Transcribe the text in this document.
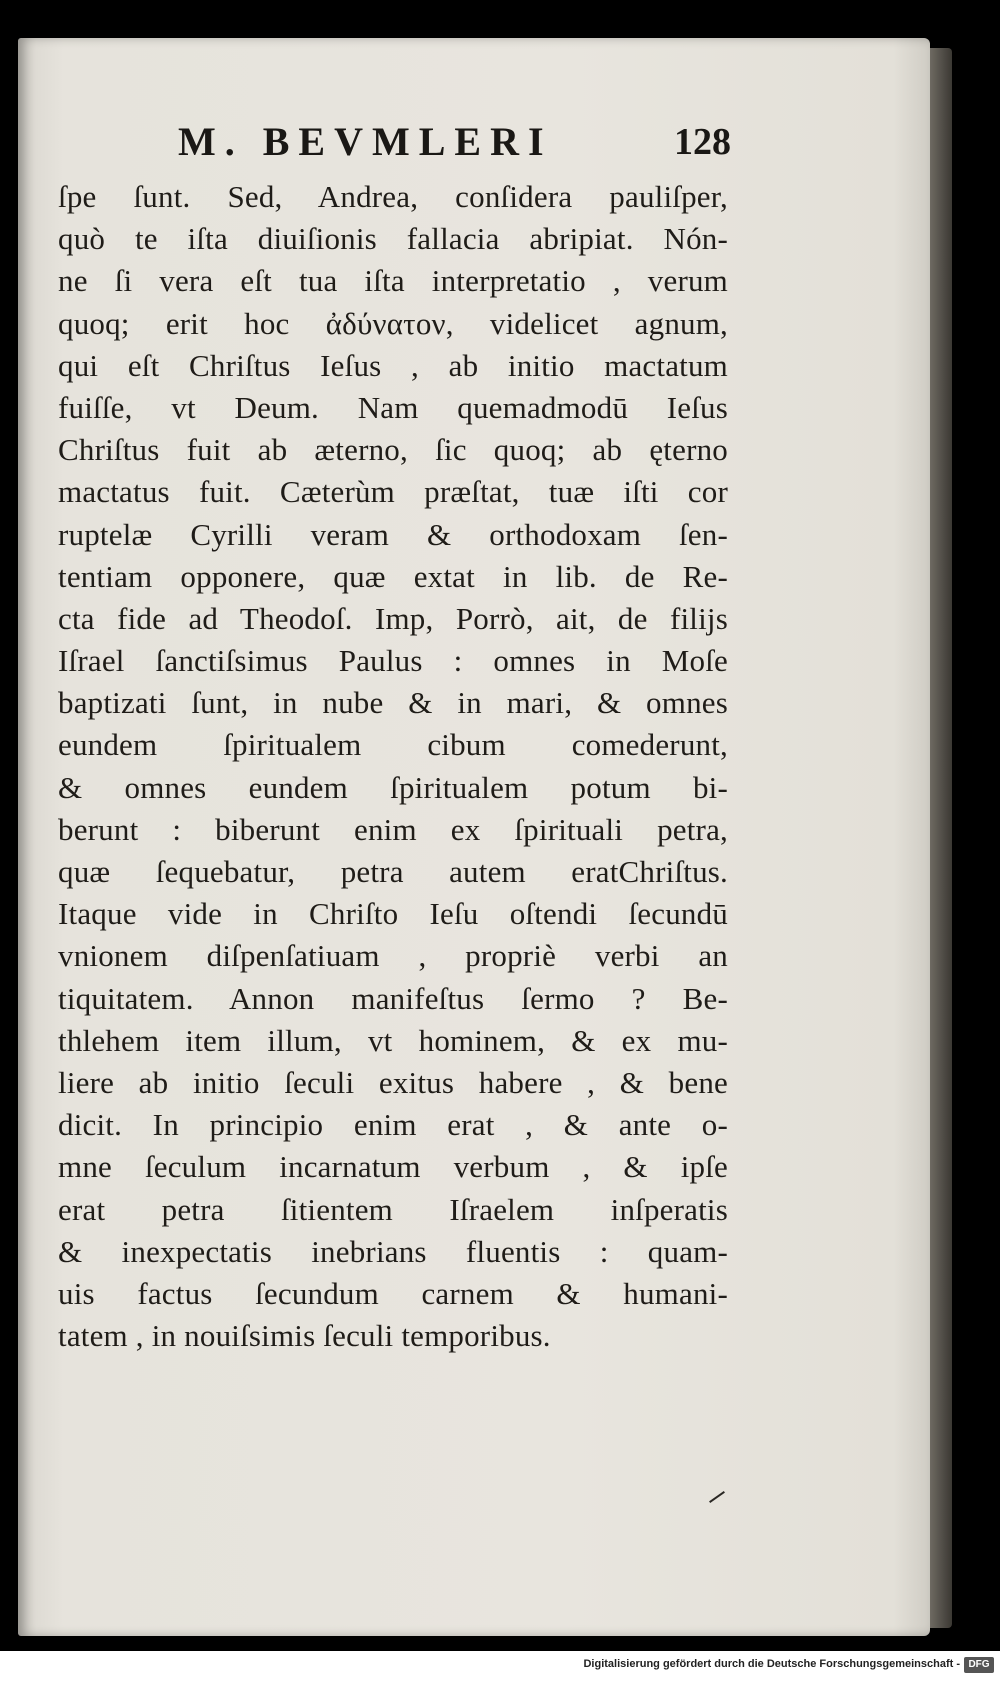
M. BEVMLERI	128
ſpe ſunt. Sed, Andrea, conſidera pauliſper,
quò te iſta diuiſionis fallacia abripiat. Nón-
ne ſi vera eſt tua iſta interpretatio , verum
quoq; erit hoc ἀδύνατον, videlicet agnum,
qui eſt Chriſtus Ieſus , ab initio mactatum
fuiſſe, vt Deum. Nam quemadmodū Ieſus
Chriſtus fuit ab æterno, ſic quoq; ab ęterno
mactatus fuit. Cæterùm præſtat, tuæ iſti cor
ruptelæ Cyrilli veram & orthodoxam ſen-
tentiam opponere, quæ extat in lib. de Re-
cta fide ad Theodoſ. Imp, Porrò, ait, de filijs
Iſrael ſanctiſsimus Paulus : omnes in Moſe
baptizati ſunt, in nube & in mari, & omnes
eundem ſpiritualem cibum comederunt,
& omnes eundem ſpiritualem potum bi-
berunt : biberunt enim ex ſpirituali petra,
quæ ſequebatur, petra autem eratChriſtus.
Itaque vide in Chriſto Ieſu oſtendi ſecundū
vnionem diſpenſatiuam , propriè verbi an
tiquitatem. Annon manifeſtus ſermo ? Be-
thlehem item illum, vt hominem, & ex mu-
liere ab initio ſeculi exitus habere , & bene
dicit. In principio enim erat , & ante o-
mne ſeculum incarnatum verbum , & ipſe
erat petra ſitientem Iſraelem inſperatis
& inexpectatis inebrians fluentis : quam-
uis factus ſecundum carnem & humani-
tatem , in nouiſsimis ſeculi temporibus.
Digitalisierung gefördert durch die Deutsche Forschungsgemeinschaft - DFG
